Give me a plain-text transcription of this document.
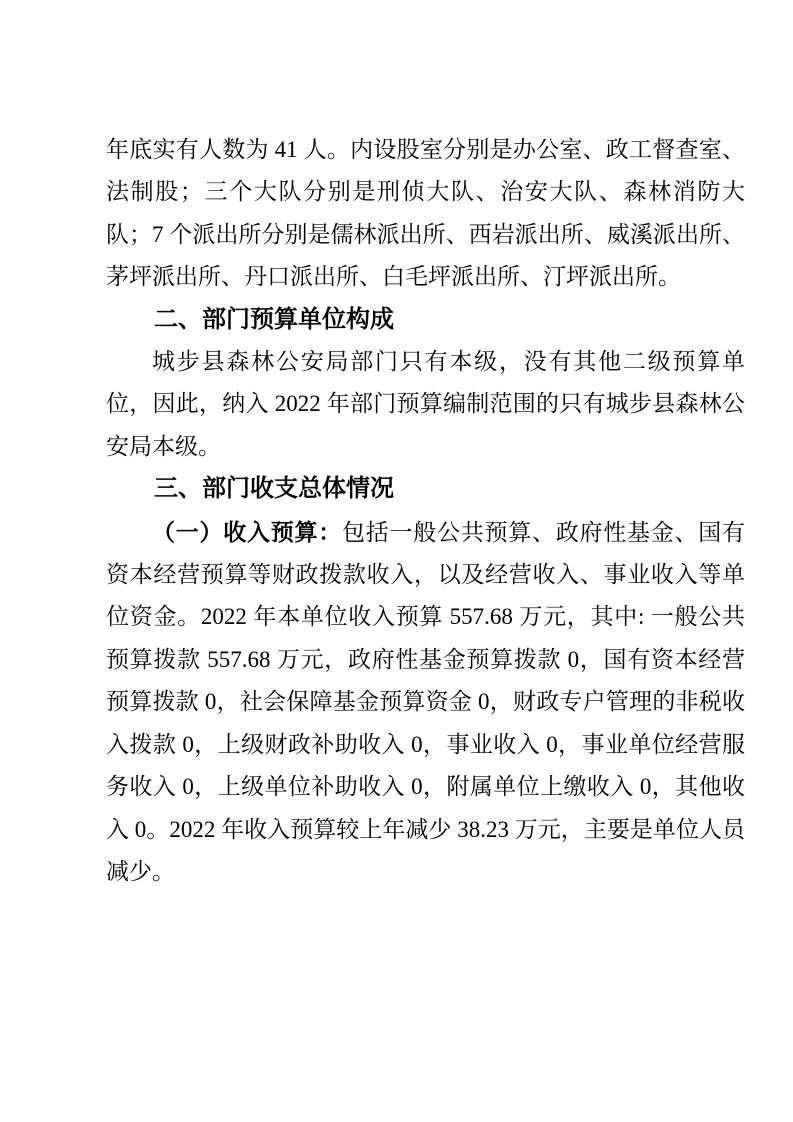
年底实有人数为 41 人。内设股室分别是办公室、政工督查室、法制股；三个大队分别是刑侦大队、治安大队、森林消防大队；7 个派出所分别是儒林派出所、西岩派出所、威溪派出所、茅坪派出所、丹口派出所、白毛坪派出所、汀坪派出所。

二、部门预算单位构成

城步县森林公安局部门只有本级，没有其他二级预算单位，因此，纳入 2022 年部门预算编制范围的只有城步县森林公安局本级。

三、部门收支总体情况

（一）收入预算：包括一般公共预算、政府性基金、国有资本经营预算等财政拨款收入，以及经营收入、事业收入等单位资金。2022 年本单位收入预算 557.68 万元，其中: 一般公共预算拨款 557.68 万元，政府性基金预算拨款 0，国有资本经营预算拨款 0，社会保障基金预算资金 0，财政专户管理的非税收入拨款 0，上级财政补助收入 0，事业收入 0，事业单位经营服务收入 0，上级单位补助收入 0，附属单位上缴收入 0，其他收入 0。2022 年收入预算较上年减少 38.23 万元，主要是单位人员减少。
